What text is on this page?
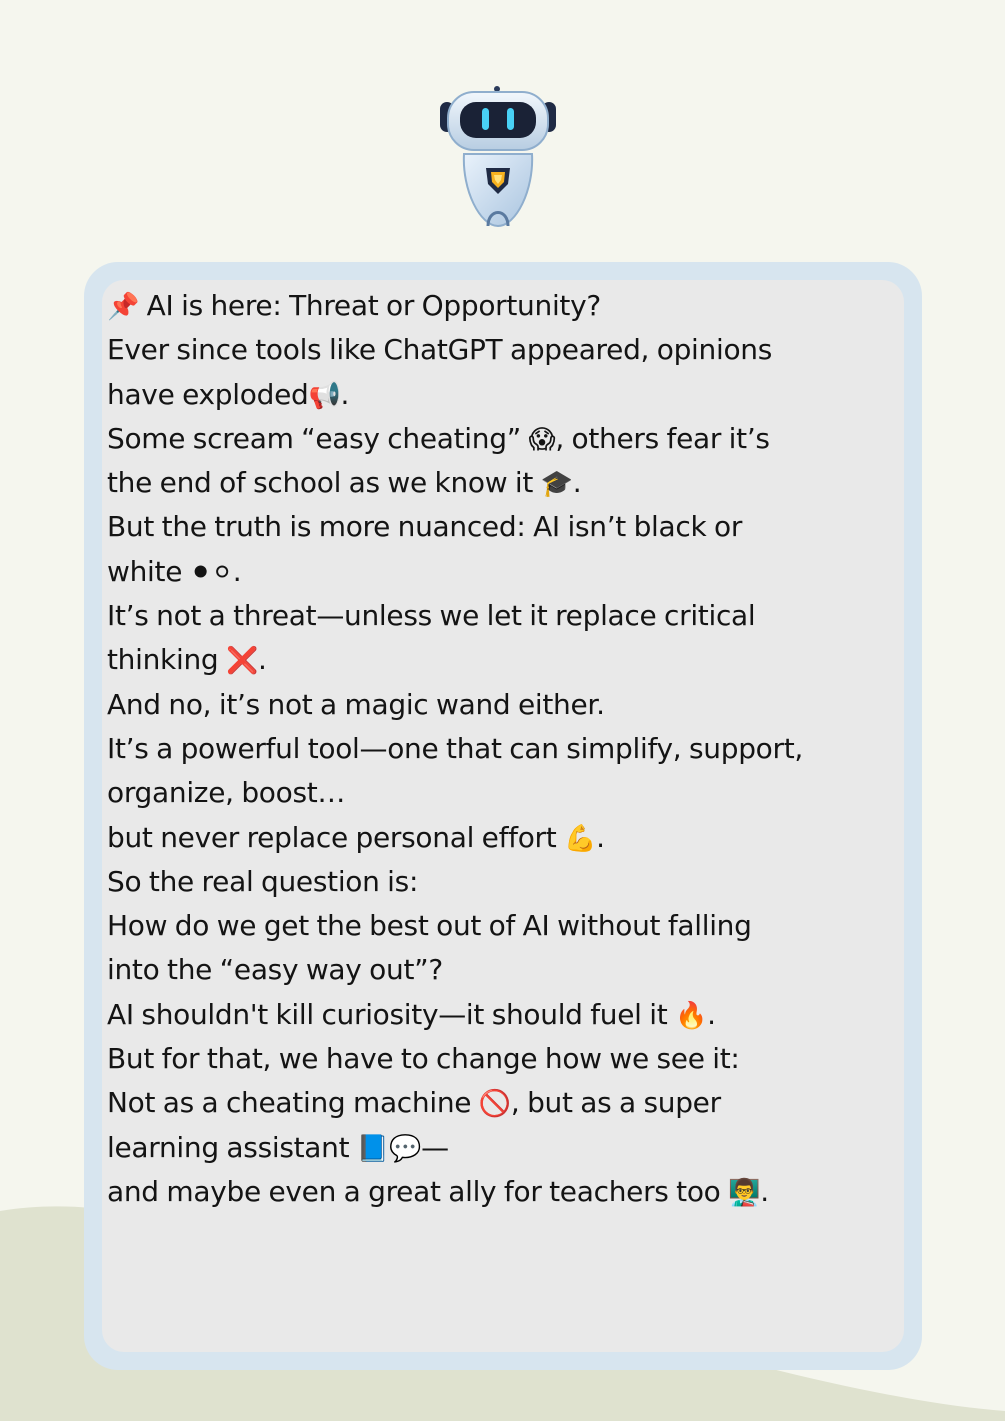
📌 AI is here: Threat or Opportunity?
Ever since tools like ChatGPT appeared, opinions
have exploded📢.
Some scream “easy cheating” 😱, others fear it’s
the end of school as we know it 🎓.
But the truth is more nuanced: AI isn’t black or
white ⚫⚪.
It’s not a threat—unless we let it replace critical
thinking ❌.
And no, it’s not a magic wand either.
It’s a powerful tool—one that can simplify, support,
organize, boost…
but never replace personal effort 💪.
So the real question is:
How do we get the best out of AI without falling
into the “easy way out”?
AI shouldn't kill curiosity—it should fuel it 🔥.
But for that, we have to change how we see it:
Not as a cheating machine 🚫, but as a super
learning assistant 📘💬—
and maybe even a great ally for teachers too 👨‍🏫.
